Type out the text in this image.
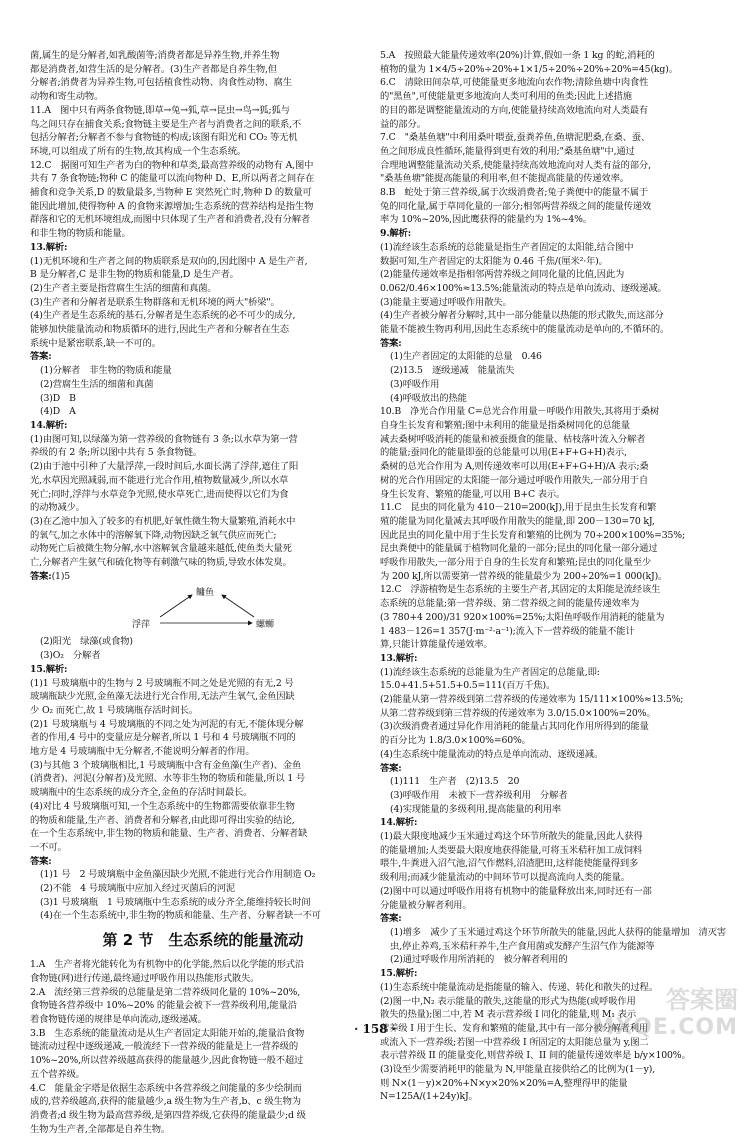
菌,属生的是分解者,如乳酸菌等;消费者都是异养生物,并养生物

都是消费者,如营生活的是分解者。(3)生产者都是自养生物,但

分解者;消费者为异养生物,可包括植食性动物、肉食性动物、腐生

动物和寄生动物。

11.A　图中只有两条食物链,即草→兔→狐,草→昆虫→鸟→狐;狐与

鸟之间只存在捕食关系;食物链主要是生产者与消费者之间的联系,不

包括分解者;分解者不参与食物链的构成;该图有阳光和 CO₂ 等无机

环境,可以组成了所有的生物,故其构成一个生态系统。

12.C　据图可知生产者为白的物种和草类,最高营养级的动物有 A,图中

共有 7 条食物链;物种 C 的能量可以流向物种 D、E,所以两者之间存在

捕食和竞争关系,D 的数量最多,当物种 E 突然死亡时,物种 D 的数量可

能因此增加,使得物种 A 的食物来源增加;生态系统的营养结构是指生物

群落和它的无机环境组成,而图中只体现了生产者和消费者,没有分解者

和非生物的物质和能量。

13.解析:

(1)无机环境和生产者之间的物质联系是双向的,因此图中 A 是生产者,

B 是分解者,C 是非生物的物质和能量,D 是生产者。

(2)生产者主要是指营腐生生活的细菌和真菌。

(3)生产者和分解者是联系生物群落和无机环境的两大"桥梁"。

(4)生产者是生态系统的基石,分解者是生态系统的必不可少的成分,

能够加快能量流动和物质循环的进行,因此生产者和分解者在生态

系统中是紧密联系,缺一不可的。

答案:

(1)分解者　非生物的物质和能量

(2)营腐生生活的细菌和真菌

(3)D　B

(4)D　A

14.解析:

(1)由图可知,以绿藻为第一营养级的食物链有 3 条;以水草为第一营

养级的有 2 条;所以图中共有 5 条食物链。

(2)由于池中引种了大量浮萍,一段时间后,水面长满了浮萍,遮住了阳

光,水草因光照减弱,而不能进行光合作用,植物数量减少,所以水草

死亡;同时,浮萍与水草竞争光照,使水草死亡,进而使得以它们为食

的动物减少。

(3)在乙池中加入了较多的有机肥,好氧性微生物大量繁殖,消耗水中

的氧气,加之水体中的溶解氧下降,动物因缺乏氧气供应而死亡;

动物死亡后被微生物分解,水中溶解氧含量越来越低,使鱼类大量死

亡,分解者产生氨气和硫化物等有刺激气味的物质,导致水体发臭。

答案:(1)5

鳙鱼
浮萍	螺蛳

(2)阳光　绿藻(或食物)

(3)O₂　分解者

15.解析:

(1)1 号玻璃瓶中的生物与 2 号玻璃瓶不同之处是光照的有无,2 号

玻璃瓶缺少光照,金鱼藻无法进行光合作用,无法产生氧气,金鱼因缺

少 O₂ 而死亡,故 1 号玻璃瓶存活时间长。

(2)1 号玻璃瓶与 4 号玻璃瓶的不同之处为河泥的有无,不能体现分解

者的作用,4 号中的变量应是分解者,所以 1 号和 4 号玻璃瓶不同的

地方是 4 号玻璃瓶中无分解者,不能说明分解者的作用。

(3)与其他 3 个玻璃瓶相比,1 号玻璃瓶中含有金鱼藻(生产者)、金鱼

(消费者)、河泥(分解者)及光照、水等非生物的物质和能量,所以 1 号

玻璃瓶中的生态系统的成分齐全,金鱼的存活时间最长。

(4)对比 4 号玻璃瓶可知,一个生态系统中的生物都需要依靠非生物

的物质和能量,生产者、消费者和分解者,由此即可得出实验的结论,

在一个生态系统中,非生物的物质和能量、生产者、消费者、分解者缺

一不可。

答案:

(1)1 号　2 号玻璃瓶中金鱼藻因缺少光照,不能进行光合作用制造 O₂

(2)不能　4 号玻璃瓶中应加入经过灭菌后的河泥

(3)1 号玻璃瓶　1 号玻璃瓶中生态系统的成分齐全,能维持较长时间

(4)在一个生态系统中,非生物的物质和能量、生产者、分解者缺一不可

第 2 节　生态系统的能量流动

1.A　生产者将光能转化为有机物中的化学能,然后以化学能的形式沿

食物链(网)进行传递,最终通过呼吸作用以热能形式散失。

2.A　流经第三营养级的总能量是第二营养级同化量的 10%~20%,

食物链各营养级中 10%~20% 的能量会被下一营养级利用,能量沿

着食物链传递的规律是单向流动,逐级递减。

3.B　生态系统的能量流动是从生产者固定太阳能开始的,能量沿食物

链流动过程中逐级递减,一般流经下一营养级的能量是上一营养级的

10%~20%,所以营养级越高获得的能量越少,因此食物链一般不超过

五个营养级。

4.C　能量金字塔是依据生态系统中各营养级之间能量的多少绘制而

成的,营养级越高,获得的能量越少,a 级生物为生产者,b、c 级生物为

消费者;d 级生物为最高营养级,是第四营养级,它获得的能量最少;d 级

生物为生产者,全部都是自养生物。

5.A　按照最大能量传递效率(20%)计算,假如一条 1 kg 的蛇,消耗的

植物的量为 1×4/5÷20%÷20%+1×1/5÷20%÷20%÷20%=45(kg)。

6.C　清除田间杂草,可使能量更多地流向农作物;清除鱼塘中肉食性

的"黑鱼",可使能量更多地流向人类可利用的鱼类;因此上述措施

的目的都是调整能量流动的方向,使能量持续高效地流向对人类最有

益的部分。

7.C　"桑基鱼塘"中利用桑叶喂蚕,蚕粪养鱼,鱼塘泥肥桑,在桑、蚕、

鱼之间形成良性循环,能量得到更有效的利用;"桑基鱼塘"中,通过

合理地调整能量流动关系,使能量持续高效地流向对人类有益的部分,

"桑基鱼塘"能提高能量的利用率,但不能提高能量的传递效率。

8.B　蛇处于第三营养级,属于次级消费者;兔子粪便中的能量不属于

兔的同化量,属于草同化量的一部分;相邻两营养级之间的能量传递效

率为 10%~20%,因此鹰获得的能量约为 1%~4%。

9.解析:

(1)流经该生态系统的总能量是指生产者固定的太阳能,结合图中

数据可知,生产者固定的太阳能为 0.46 千焦/(厘米²·年)。

(2)能量传递效率是指相邻两营养级之间同化量的比值,因此为

0.062/0.46×100%≈13.5%;能量流动的特点是单向流动、逐级递减。

(3)能量主要通过呼吸作用散失。

(4)生产者被分解者分解时,其中一部分能量以热能的形式散失,而这部分

能量不能被生物再利用,因此生态系统中的能量流动是单向的,不循环的。

答案:

(1)生产者固定的太阳能的总量　0.46

(2)13.5　逐级递减　能量流失

(3)呼吸作用

(4)呼吸放出的热能

10.B　净光合作用量 C=总光合作用量－呼吸作用散失,其将用于桑树

自身生长发育和繁殖;图中未利用的能量是指桑树同化的总能量

减去桑树呼吸消耗的能量和被蚕摄食的能量、枯枝落叶流入分解者

的能量;蚕同化的能量即蚕的总能量可以用(E+F+G+H)表示,

桑树的总光合作用为 A,则传递效率可以用(E+F+G+H)/A 表示;桑

树的光合作用固定的太阳能一部分通过呼吸作用散失,一部分用于自

身生长发育、繁殖的能量,可以用 B+C 表示。

11.C　昆虫的同化量为 410－210=200(kJ),用于昆虫生长发育和繁

殖的能量为同化量减去其呼吸作用散失的能量,即 200－130=70 kJ,

因此昆虫的同化量中用于生长发育和繁殖的比例为 70÷200×100%=35%;

昆虫粪便中的能量属于植物同化量的一部分;昆虫的同化量一部分通过

呼吸作用散失,一部分用于自身的生长发育和繁殖;昆虫的同化量至少

为 200 kJ,所以需要第一营养级的能量最少为 200÷20%=1 000(kJ)。

12.C　浮游植物是生态系统的主要生产者,其固定的太阳能是流经该生

态系统的总能量;第一营养级、第二营养级之间的能量传递效率为

(3 780+4 200)/31 920×100%=25%;太阳鱼呼吸作用消耗的能量为

1 483－126=1 357(J·m⁻²·a⁻¹);流入下一营养级的能量不能计

算,只能计算能量传递效率。

13.解析:

(1)流经该生态系统的总能量为生产者固定的总能量,即:

15.0+41.5+51.5+0.5=111(百万千焦)。

(2)能量从第一营养级到第二营养级的传递效率为 15/111×100%≈13.5%;

从第二营养级到第三营养级的传递效率为 3.0/15.0×100%=20%。

(3)次级消费者通过异化作用消耗的能量占其同化作用所得到的能量

的百分比为 1.8/3.0×100%=60%。

(4)生态系统中能量流动的特点是单向流动、逐级递减。

答案:

(1)111　生产者　(2)13.5　20

(3)呼吸作用　未被下一营养级利用　分解者

(4)实现能量的多级利用,提高能量的利用率

14.解析:

(1)最大限度地减少玉米通过鸡这个环节所散失的能量,因此人获得

的能量增加;人类要最大限度地获得能量,可将玉米秸秆加工成饲料

喂牛,牛粪进入沼气池,沼气作燃料,沼渣肥田,这样能使能量得到多

级利用;而减少能量流动的中间环节可以提高流向人类的能量。

(2)图中可以通过呼吸作用将有机物中的能量释放出来,同时还有一部

分能量被分解者利用。

答案:

(1)增多　减少了玉米通过鸡这个环节所散失的能量,因此人获得的能量增加　清灭害虫,停止养鸡,玉米秸秆养牛,生产食用菌或发酵产生沼气作为能源等

(2)通过呼吸作用所消耗的　被分解者利用的

15.解析:

(1)生态系统中能量流动是指能量的输入、传递、转化和散失的过程。

(2)图一中,N₂ 表示能量的散失,这能量的形式为热能(或呼吸作用

散失的热量);图二中,若 M 表示营养级 I 同化的能量,则 M₁ 表示

营养级 I 用于生长、发育和繁殖的能量,其中有一部分被分解者利用

或流入下一营养级;若图一中营养级 I 所固定的太阳能总量为 y,图二

表示营养级 II 的能量变化,则营养级 I、II 间的能量传递效率是 b/y×100%。

(3)设至少需要消耗甲的能量为 N,甲能量直接供给乙的比例为(1－y),

则 N×(1－y)×20%+N×y×20%×20%=A,整理得甲的能量

N=125A/(1+24y)kJ。

· 158 ·
答案圈
MXQE.COM
